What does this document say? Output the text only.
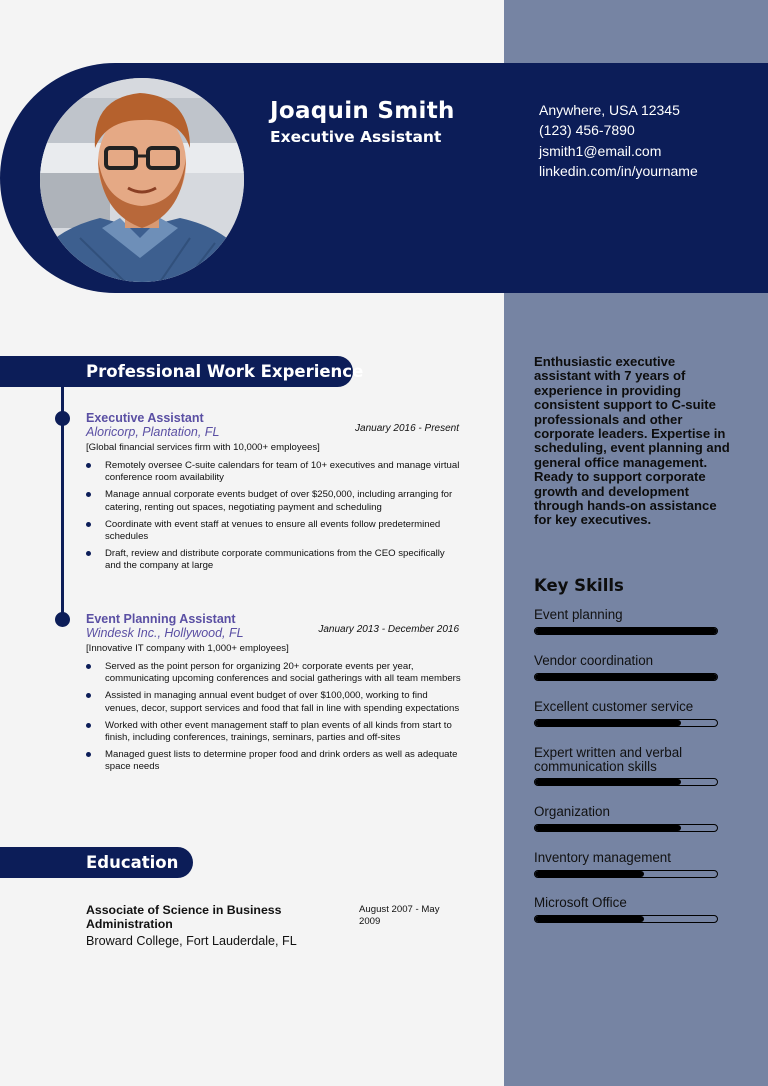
Joaquin Smith
Executive Assistant
Anywhere, USA 12345
(123) 456-7890
jsmith1@email.com
linkedin.com/in/yourname
Professional Work Experience
Executive Assistant
Aloricorp, Plantation, FL	January 2016 - Present
[Global financial services firm with 10,000+ employees]
Remotely oversee C-suite calendars for team of 10+ executives and manage virtual conference room availability
Manage annual corporate events budget of over $250,000, including arranging for catering, renting out spaces, negotiating payment and scheduling
Coordinate with event staff at venues to ensure all events follow predetermined schedules
Draft, review and distribute corporate communications from the CEO specifically and the company at large
Event Planning Assistant
Windesk Inc., Hollywood, FL	January 2013 - December 2016
[Innovative IT company with 1,000+ employees]
Served as the point person for organizing 20+ corporate events per year, communicating upcoming conferences and social gatherings with all team members
Assisted in managing annual event budget of over $100,000, working to find venues, decor, support services and food that fall in line with spending expectations
Worked with other event management staff to plan events of all kinds from start to finish, including conferences, trainings, seminars, parties and off-sites
Managed guest lists to determine proper food and drink orders as well as adequate space needs
Education
Associate of Science in Business Administration
Broward College, Fort Lauderdale, FL
August 2007 - May 2009
Enthusiastic executive assistant with 7 years of experience in providing consistent support to C-suite professionals and other corporate leaders. Expertise in scheduling, event planning and general office management. Ready to support corporate growth and development through hands-on assistance for key executives.
Key Skills
Event planning
Vendor coordination
Excellent customer service
Expert written and verbal communication skills
Organization
Inventory management
Microsoft Office
